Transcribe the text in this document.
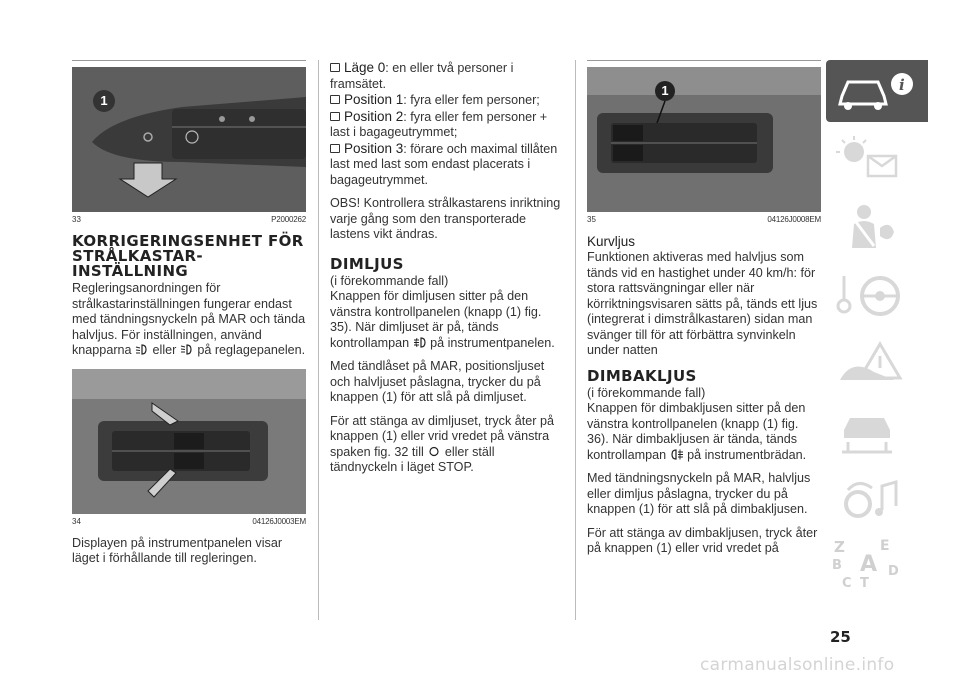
1
33	P2000262
KORRIGERINGSENHET FÖR STRÅLKASTAR-INSTÄLLNING

Regleringsanordningen för strålkastarinställningen fungerar endast med tändningsnyckeln på MAR och tända halvljus. För inställningen, använd knapparna eller på reglagepanelen.

34	04126J0003EM

Displayen på instrumentpanelen visar läget i förhållande till regleringen.

Läge 0: en eller två personer i framsätet.
Position 1: fyra eller fem personer;
Position 2: fyra eller fem personer + last i bagageutrymmet;
Position 3: förare och maximal tillåten last med last som endast placerats i bagageutrymmet.

OBS! Kontrollera strålkastarens inriktning varje gång som den transporterade lastens vikt ändras.

DIMLJUS

(i förekommande fall)

Knappen för dimljusen sitter på den vänstra kontrollpanelen (knapp (1) fig. 35). När dimljuset är på, tänds kontrollampan på instrumentpanelen.

Med tändlåset på MAR, positionsljuset och halvljuset påslagna, trycker du på knappen (1) för att slå på dimljuset.

För att stänga av dimljuset, tryck åter på knappen (1) eller vrid vredet på vänstra spaken fig. 32 till eller ställ tändnyckeln i läget STOP.

1
35	04126J0008EM
Kurvljus

Funktionen aktiveras med halvljus som tänds vid en hastighet under 40 km/h: för stora rattsvängningar eller när körriktningsvisaren sätts på, tänds ett ljus (integrerat i dimstrålkastaren) sidan man svänger till för att förbättra synvinkeln under natten

DIMBAKLJUS

(i förekommande fall)

Knappen för dimbakljusen sitter på den vänstra kontrollpanelen (knapp (1) fig. 36). När dimbakljusen är tända, tänds kontrollampan på instrumentbrädan.

Med tändningsnyckeln på MAR, halvljus eller dimljus påslagna, trycker du på knappen (1) för att slå på dimbakljusen.

För att stänga av dimbakljusen, tryck åter på knappen (1) eller vrid vredet på

i
Z	E
B A
C T
D
25
carmanualsonline.info
